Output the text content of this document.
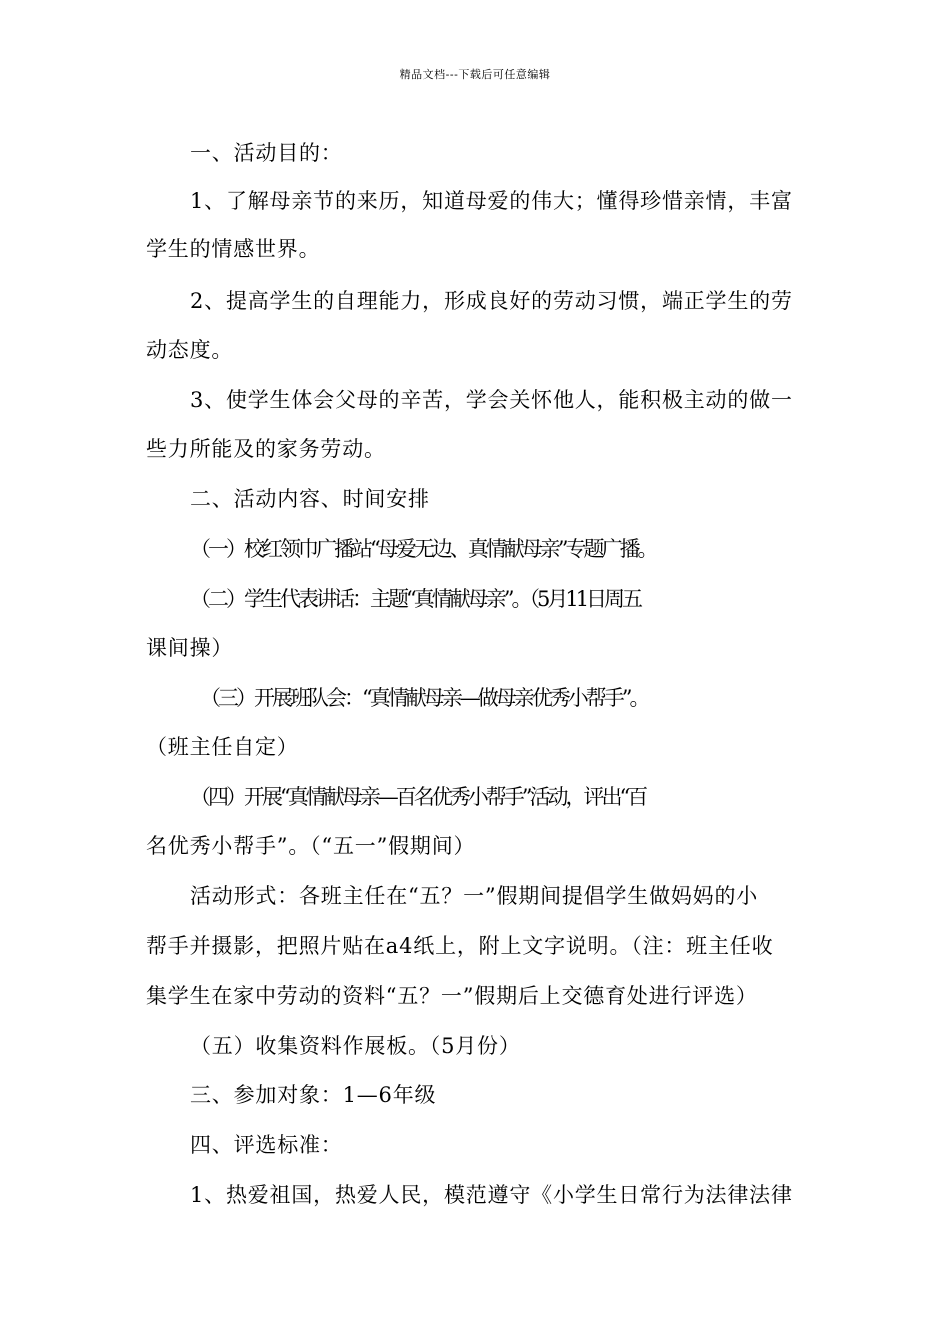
精品文档---下载后可任意编辑
一、活动目的：
1、了解母亲节的来历，知道母爱的伟大；懂得珍惜亲情，丰富
学生的情感世界。
2、提高学生的自理能力，形成良好的劳动习惯，端正学生的劳
动态度。
3、使学生体会父母的辛苦，学会关怀他人，能积极主动的做一
些力所能及的家务劳动。
二、活动内容、时间安排
（一）校红领巾广播站“母爱无边、真情献母亲”专题广播。
（二）学生代表讲话：主题“真情献母亲”。（5月11日周五
课间操）
（三）开展班队会：“真情献母亲—做母亲优秀小帮手”。
（班主任自定）
（四）开展“真情献母亲—百名优秀小帮手”活动，评出“百
名优秀小帮手”。（“五一”假期间）
活动形式：各班主任在“五？一”假期间提倡学生做妈妈的小
帮手并摄影，把照片贴在a4纸上，附上文字说明。（注：班主任收
集学生在家中劳动的资料“五？一”假期后上交德育处进行评选）
（五）收集资料作展板。（5月份）
三、参加对象：1—6年级
四、评选标准：
1、热爱祖国，热爱人民，模范遵守《小学生日常行为法律法律
